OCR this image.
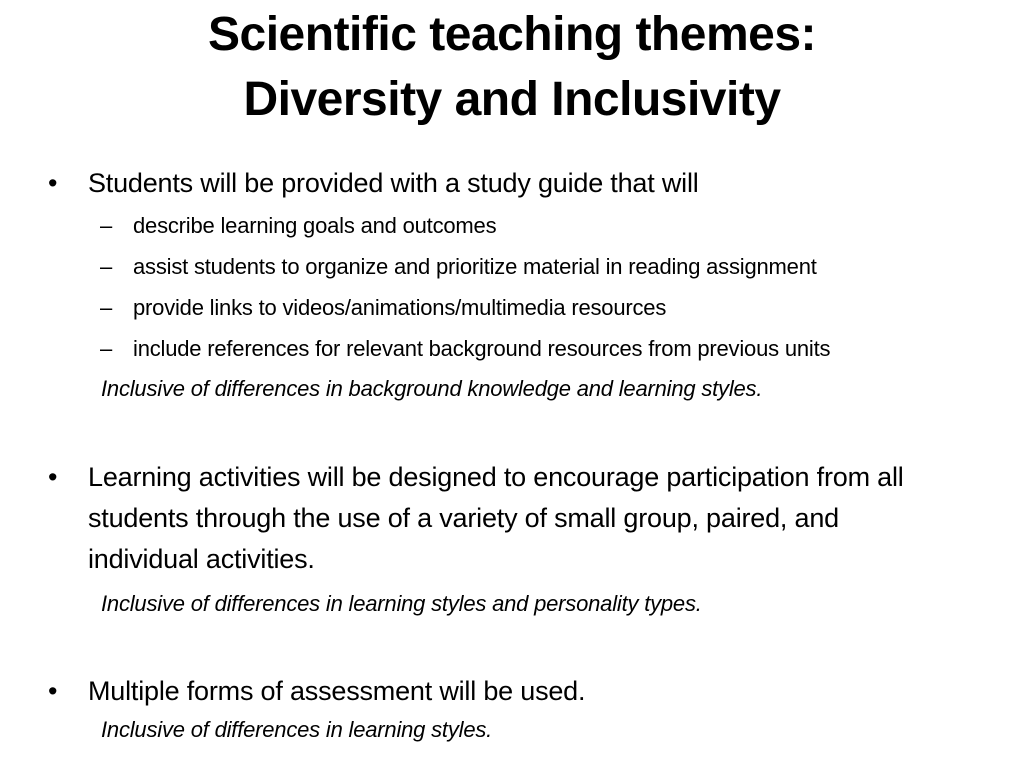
Scientific teaching themes:
Diversity and Inclusivity
•	Students will be provided with a study guide that will
– describe learning goals and outcomes
– assist students to organize and prioritize material in reading assignment
– provide links to videos/animations/multimedia resources
– include references for relevant background resources from previous units
Inclusive of differences in background knowledge and learning styles.
•	Learning activities will be designed to encourage participation from all students through the use of a variety of small group, paired, and individual activities.
Inclusive of differences in learning styles and personality types.
•	Multiple forms of assessment will be used.
Inclusive of differences in learning styles.
